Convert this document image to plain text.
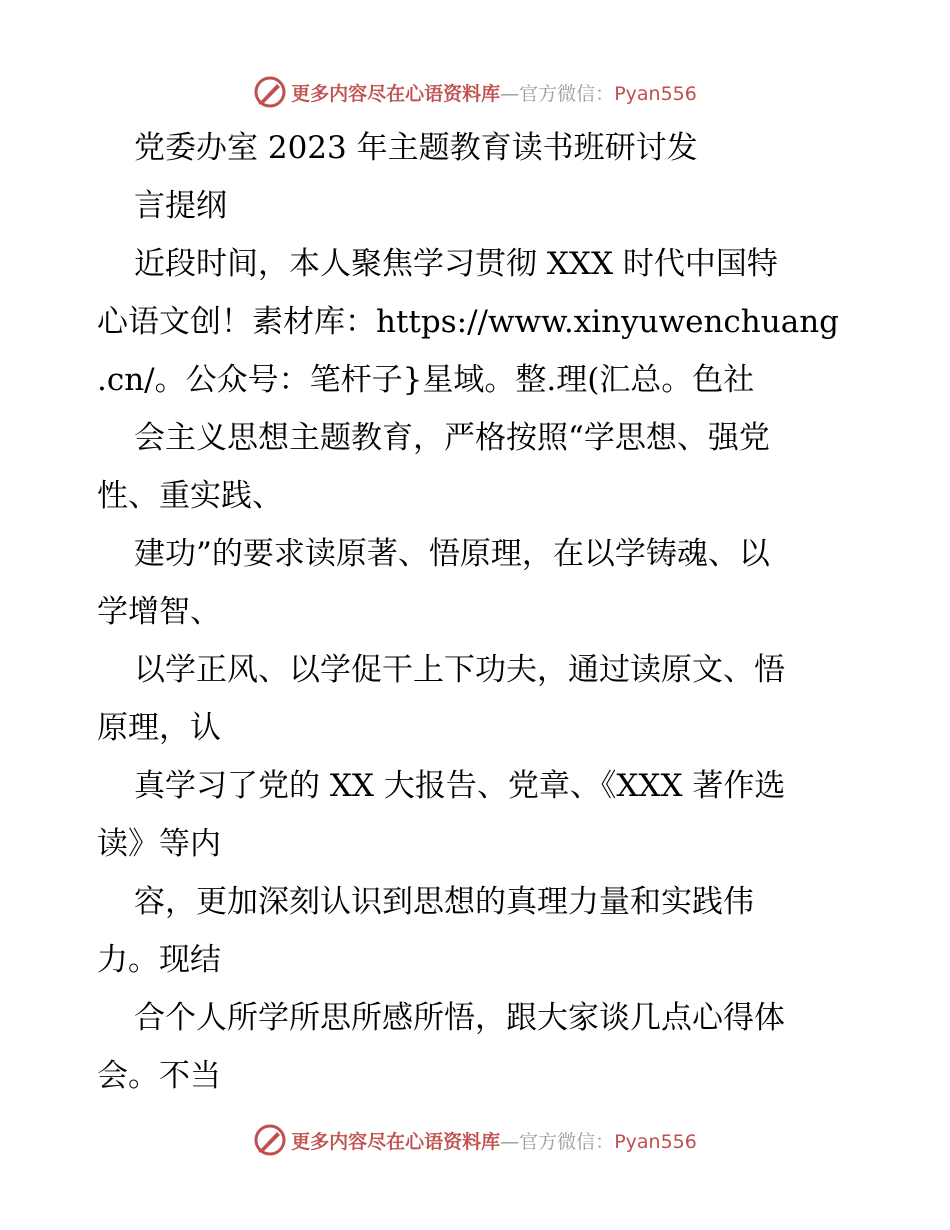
更多内容尽在心语资料库—官方微信：Pyan556
党委办室 2023 年主题教育读书班研讨发
言提纲
近段时间，本人聚焦学习贯彻 XXX 时代中国特
心语文创！素材库：https://www.xinyuwenchuang
.cn/。公众号：笔杆子}星域。整.理(汇总。色社
会主义思想主题教育，严格按照“学思想、强党
性、重实践、
建功”的要求读原著、悟原理，在以学铸魂、以
学增智、
以学正风、以学促干上下功夫，通过读原文、悟
原理，认
真学习了党的 XX 大报告、党章、《XXX 著作选
读》等内
容，更加深刻认识到思想的真理力量和实践伟
力。现结
合个人所学所思所感所悟，跟大家谈几点心得体
会。不当
更多内容尽在心语资料库—官方微信：Pyan556
